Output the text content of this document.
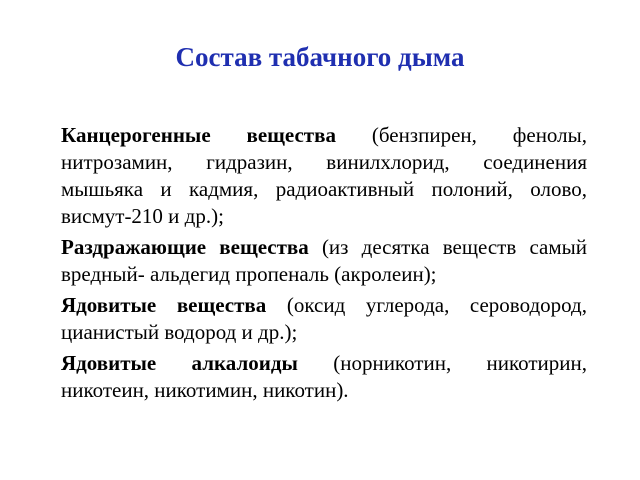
Состав табачного дыма

Канцерогенные вещества (бензпирен, фенолы, нитрозамин, гидразин, винилхлорид, соединения мышьяка и кадмия, радиоактивный полоний, олово, висмут-210 и др.);

Раздражающие вещества (из десятка веществ самый вредный- альдегид пропеналь (акролеин);

Ядовитые вещества (оксид углерода, сероводород, цианистый водород и др.);

Ядовитые алкалоиды (норникотин, никотирин, никотеин, никотимин, никотин).
